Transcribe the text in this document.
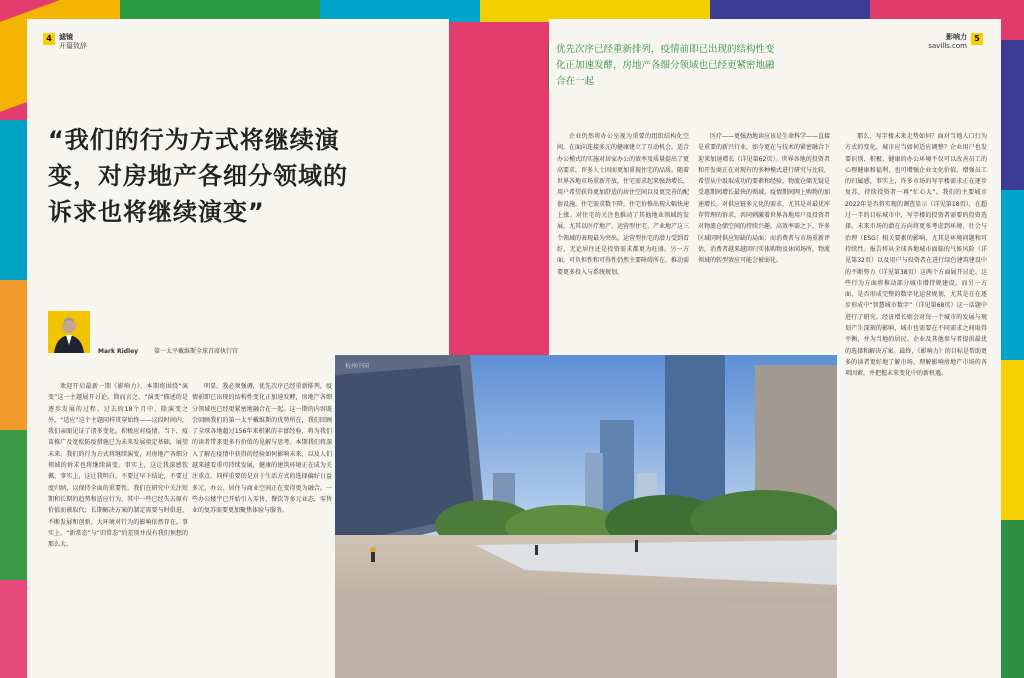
4 滤镜
开篇致辞
“我们的行为方式将继续演变，对房地产各细分领域的诉求也将继续演变”
Mark Ridley	第一太平戴维斯全球首席执行官
欢迎开启最新一期《影响力》，本期将围绕“演变”这一主题展开讨论。简而言之，“演变”描述的是逐步发展的过程。过去的18个月中，除演变之外，“适应”这个主题同样贯穿始终——这段时间内，我们亲眼见证了诸多变化。积极应对疫情。当下，疫苗推广及宽松防疫措施已为未来发展奠定基础，展望未来，我们的行为方式将继续演变，对房地产各细分领域的诉求也将继续演变。事实上，这让我深感钦佩。事实上，这让我明白，不要过早下结论，不要过度归纳，以保持全面的重要性。我们在研究中关注短期和长期的趋势和适应行为，其中一些已经失去原有价值而被取代；长期解决方案的制定需要与时俱进，不断发展和创新。大环境对行为的影响依然存在。事实上，“新常态”与“旧常态”的差别并没有我们预想的那么大。
明显。我必须强调，优先次序已经重新排列，疫情前即已出现的结构性变化正加速发酵，房地产各细分领域也已经更紧密地融合在一起。这一期的内容既会回顾我们的第一太平戴维斯的优势所在，我们回顾了全球各地超过156年来积累的丰富经验，将为我们的读者带来更多有价值的见解与思考。本期我们将深入了解在疫情中获得的经验如何影响未来，以及人们越来越看重可持续发展，健康的建筑环境正在成为关注重点。同样重要的是对于生活方式的选择偏好日益多元，办公、居住与商业空间正在变得更为融合。一些办公楼宇已开始引入零售、餐饮等多元业态，零售业的复苏需要更加聚焦体验与服务。
影响力
savills.com5
那么，写字楼未来走势如何？面对当地人口行为方式的变化，城市应当如何适应调整？企业用户也发要识别，积极、健康的办公环境不仅可以改善员工的心理健康和福利，也可增强企业文化价值，增强员工的归属感。事实上，许多市场的写字楼需求正在逐步复苏，持续投资者一再“忙心大”。我们的主要城市2022年是否将实现的调查显示（详见第18页），在超过一半的目标城市中，写字楼的投资者需要的投资选择。未来市场的潜在方向将更多考虑到环境、社会与治理（ESG）相关要素的影响，尤其是环境问题和可持续性。报告将从全球各地城市面临的气候风险（详见第32页）以及用户与投资者在进行绿色建筑建设中的不断努力（详见第38页）这两个方面展开讨论。这些行为方面将推动部分城市增持规建设。而另一方面，是否形成完整的数字化运营规划，尤其是在在逐步形成中“智慧城市数字”（详见第68页）这一话题中进行了研究。经济增长则会对每一个城市的发展与规划产生深刻的影响，城市也需要在不同需求之间取得平衡，并为当地的居民、企业及其他参与者提供最优的选择和解决方案。最终，《影响力》的目标是帮助更多的读者更好地了解市场，理解影响房地产市场的各项因素，并把握未来变化中的新机遇。
优先次序已经重新排列，疫情前即已出现的结构性变化正加速发酵，房地产各细分领域也已经更紧密地融合在一起
企业仍然将办公室视为重要的组织结构化空间，在面向连接多元的健康建立了互动机会。适合办公模式的实施对居家办公的效率及质量提出了更高要求，许多人士因而更加重视住宅的品质。随着世界各地市场重新开放，住宅需求起来强劲增长，用户希望获得更加舒适的居住空间以及更完善的配套设施，住宅需求数下降，住宅价格出现大幅快速上涨。对住宅的关注也推动了其他地业领域的发展，尤其以医疗地产、运营型住宅、产业地产这三个领域的表现最为突出。运营型住宅的潜力受到看好，无论居住还是投资需求都更为旺盛。另一方面，可负担性和可得性仍然主要障碍所在，推动需要更多投入与系统规划。
医疗——更强劲地读应该是生命科学——直接是重要的新兴行业，如今更在与技术的紧密融合下迎来加速增长（详见第62页）。世界各地的投资者和开发商正在对现有的多种模式进行研究与比较，希望从中汲取成功的要素和经验。物流仓储无疑是受惠期间增长最快的领域。疫情期间网上购物的加速增长，对供应链多元化的需求，尤其是对最优库存管理的诉求，共同刺激着世界各地用户及投资者对物流仓储空间的持续兴趣。高效率需之下，许多区域同时供应短缺的局面；而消费者与市场重新评估，消费者越来越回归实体购物及休闲场所，物流领域的转型效应可能会被弱化。
杭州中国
